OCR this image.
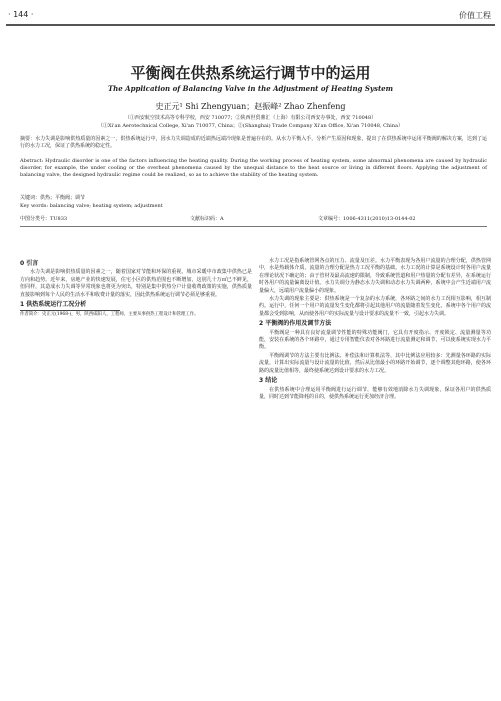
· 144 ·	价值工程
平衡阀在供热系统运行调节中的运用
The Application of Balancing Valve in the Adjustment of Heating System
史正元¹ Shi Zhengyuan；赵振峰² Zhao Zhenfeng
（①西安航空技术高等专科学校，西安 710077；②陕西世贸鼎汇（上海）有限公司西安办事处，西安 710048）
（①Xi'an Aerotechnical College, Xi'an 710077, China；②(Shanghai) Trade Company Xi'an Office, Xi'an 710048, China）
摘要：水力失调是影响供热质量的因素之一，供热系统运行中，因水力失调造成的近端热远端冷现象是普遍存在的。从水力平衡入手，分析产生原因和现象，提出了在供热系统中运用平衡阀的解决方案，达到了运行的水力工况，保证了供热系统的稳定性。
Abstract: Hydraulic disorder is one of the factors influencing the heating quality. During the working process of heating system, some abnormal phenomena are caused by hydraulic disorder, for example, the under cooling or the overheat phenomena caused by the unequal distance to the heat source or living in different floors. Applying the adjustment of balancing valve, the designed hydraulic regime could be realized, so as to achieve the stability of the heating system.
关键词：供热；平衡阀；调节
Key words: balancing valve; heating system; adjustment
中图分类号：TU833	文献标识码：A	文章编号：1006-4311(2010)13-0144-02
0 引言

水力失调是影响供热质量的因素之一，随着国家对节能和环保的重视，城市采暖中市政集中供热已是方向和趋势。近年来，房地产业的快速发展，住宅小区的供热范围也不断增加，这别几十万㎡已不鲜见，但同样，其造成水力失调等异常现象也将更为突出，特别是集中供热分户计量收费政策的实施，供热质量直接影响到每个人民的生活水平和收费计量的落实，因此供热系统运行调节必须足够重视。

1 供热系统运行工况分析
作者简介：史正元(1968-)，男，陕西咸阳人，工程师，主要从事供热工程设计和管理工作。

水力工况是指系统管网各点的压力、流量及压差。水力平衡表现为各用户流量的合理分配，供热管网中，水是热载体介质，流量的合理分配是热力工况平衡的基础。水力工况的计算是系统设计时各用户流量在理论状况下确定的；由于管材及最高流速的限制，导致系统管道和用户热量的分配有差异，在系统运行时各用户的流量偏离设计值。水力失调分为静态水力失调和动态水力失调两种，系统中会产生近端用户流量偏大，远端用户流量偏小的现象。

水力失调的现象主要是：供热系统是一个复杂的水力系统，各环路之间的水力工况相互影响，相互制约。运行中，任何一个用户的流量发生变化都将引起其他用户的流量随着发生变化，系统中各个用户的流量都会受到影响，从而使各用户的实际流量与设计要求的流量不一致，引起水力失调。

2 平衡阀的作用及调节方法

平衡阀是一种具有良好流量调节性能的特殊功能阀门，它具有开度指示、开度锁定、流量测量等功能，安装在系统的各个环路中，通过专用智能仪表对各环路进行流量测定和调节，可以使系统实现水力平衡。

平衡阀调节的方法主要有比例法、补偿法和计算机法等，其中比例法应用较多：先测量各环路的实际流量，计算出实际流量与设计流量的比值，然后从比值最小的环路开始调节，逐个调整其他环路，使各环路的流量比值相等，最终使系统达到设计要求的水力工况。

3 结论

在供热系统中合理运用平衡阀进行运行调节，能够有效地消除水力失调现象，保证各用户的供热质量，同时达到节能降耗的目的，使供热系统运行更加经济合理。
